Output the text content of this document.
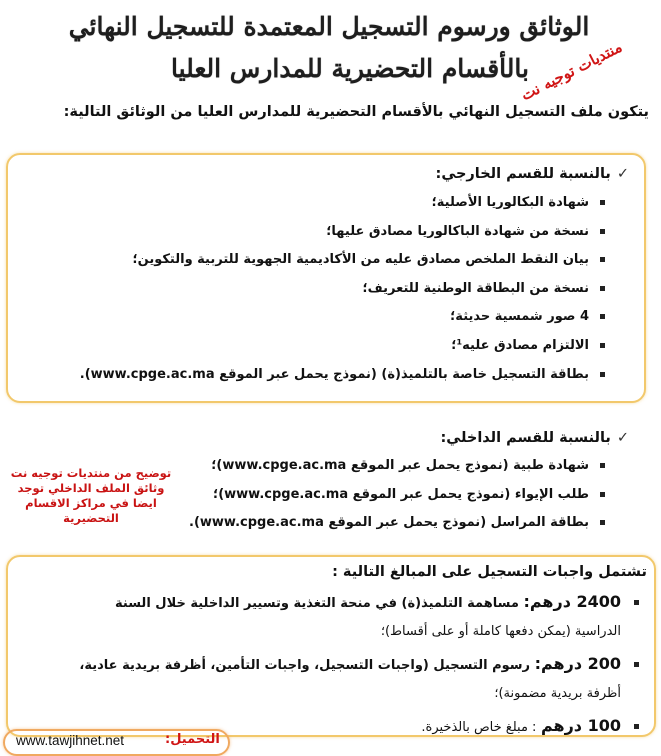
الوثائق ورسوم التسجيل المعتمدة للتسجيل النهائي
بالأقسام التحضيرية للمدارس العليا
منتديات توجيه نت
يتكون ملف التسجيل النهائي بالأقسام التحضيرية للمدارس العليا من الوثائق التالية:
✓بالنسبة للقسم الخارجي:
شهادة البكالوريا الأصلية؛
نسخة من شهادة الباكالوريا مصادق عليها؛
بيان النقط الملخص مصادق عليه من الأكاديمية الجهوية للتربية والتكوين؛
نسخة من البطاقة الوطنية للتعريف؛
4 صور شمسية حديثة؛
الالتزام مصادق عليه¹؛
بطاقة التسجيل خاصة بالتلميذ(ة) (نموذج يحمل عبر الموقع www.cpge.ac.ma).
✓بالنسبة للقسم الداخلي:
شهادة طبية (نموذج يحمل عبر الموقع www.cpge.ac.ma)؛
طلب الإيواء (نموذج يحمل عبر الموقع www.cpge.ac.ma)؛
بطاقة المراسل (نموذج يحمل عبر الموقع www.cpge.ac.ma).
توضيح من منتديات توجيه نت وثائق الملف الداخلي توجد ايضا في مراكز الاقسام التحضيرية
تشتمل واجبات التسجيل على المبالغ التالية :
2400 درهم: مساهمة التلميذ(ة) في منحة التغذية وتسيير الداخلية خلال السنة
الدراسية (يمكن دفعها كاملة أو على أقساط)؛
200 درهم: رسوم التسجيل (واجبات التسجيل، واجبات التأمين، أظرفة بريدية عادية،
أظرفة بريدية مضمونة)؛
100 درهم : مبلغ خاص بالذخيرة.
www.tawjihnet.net	التحميل:
